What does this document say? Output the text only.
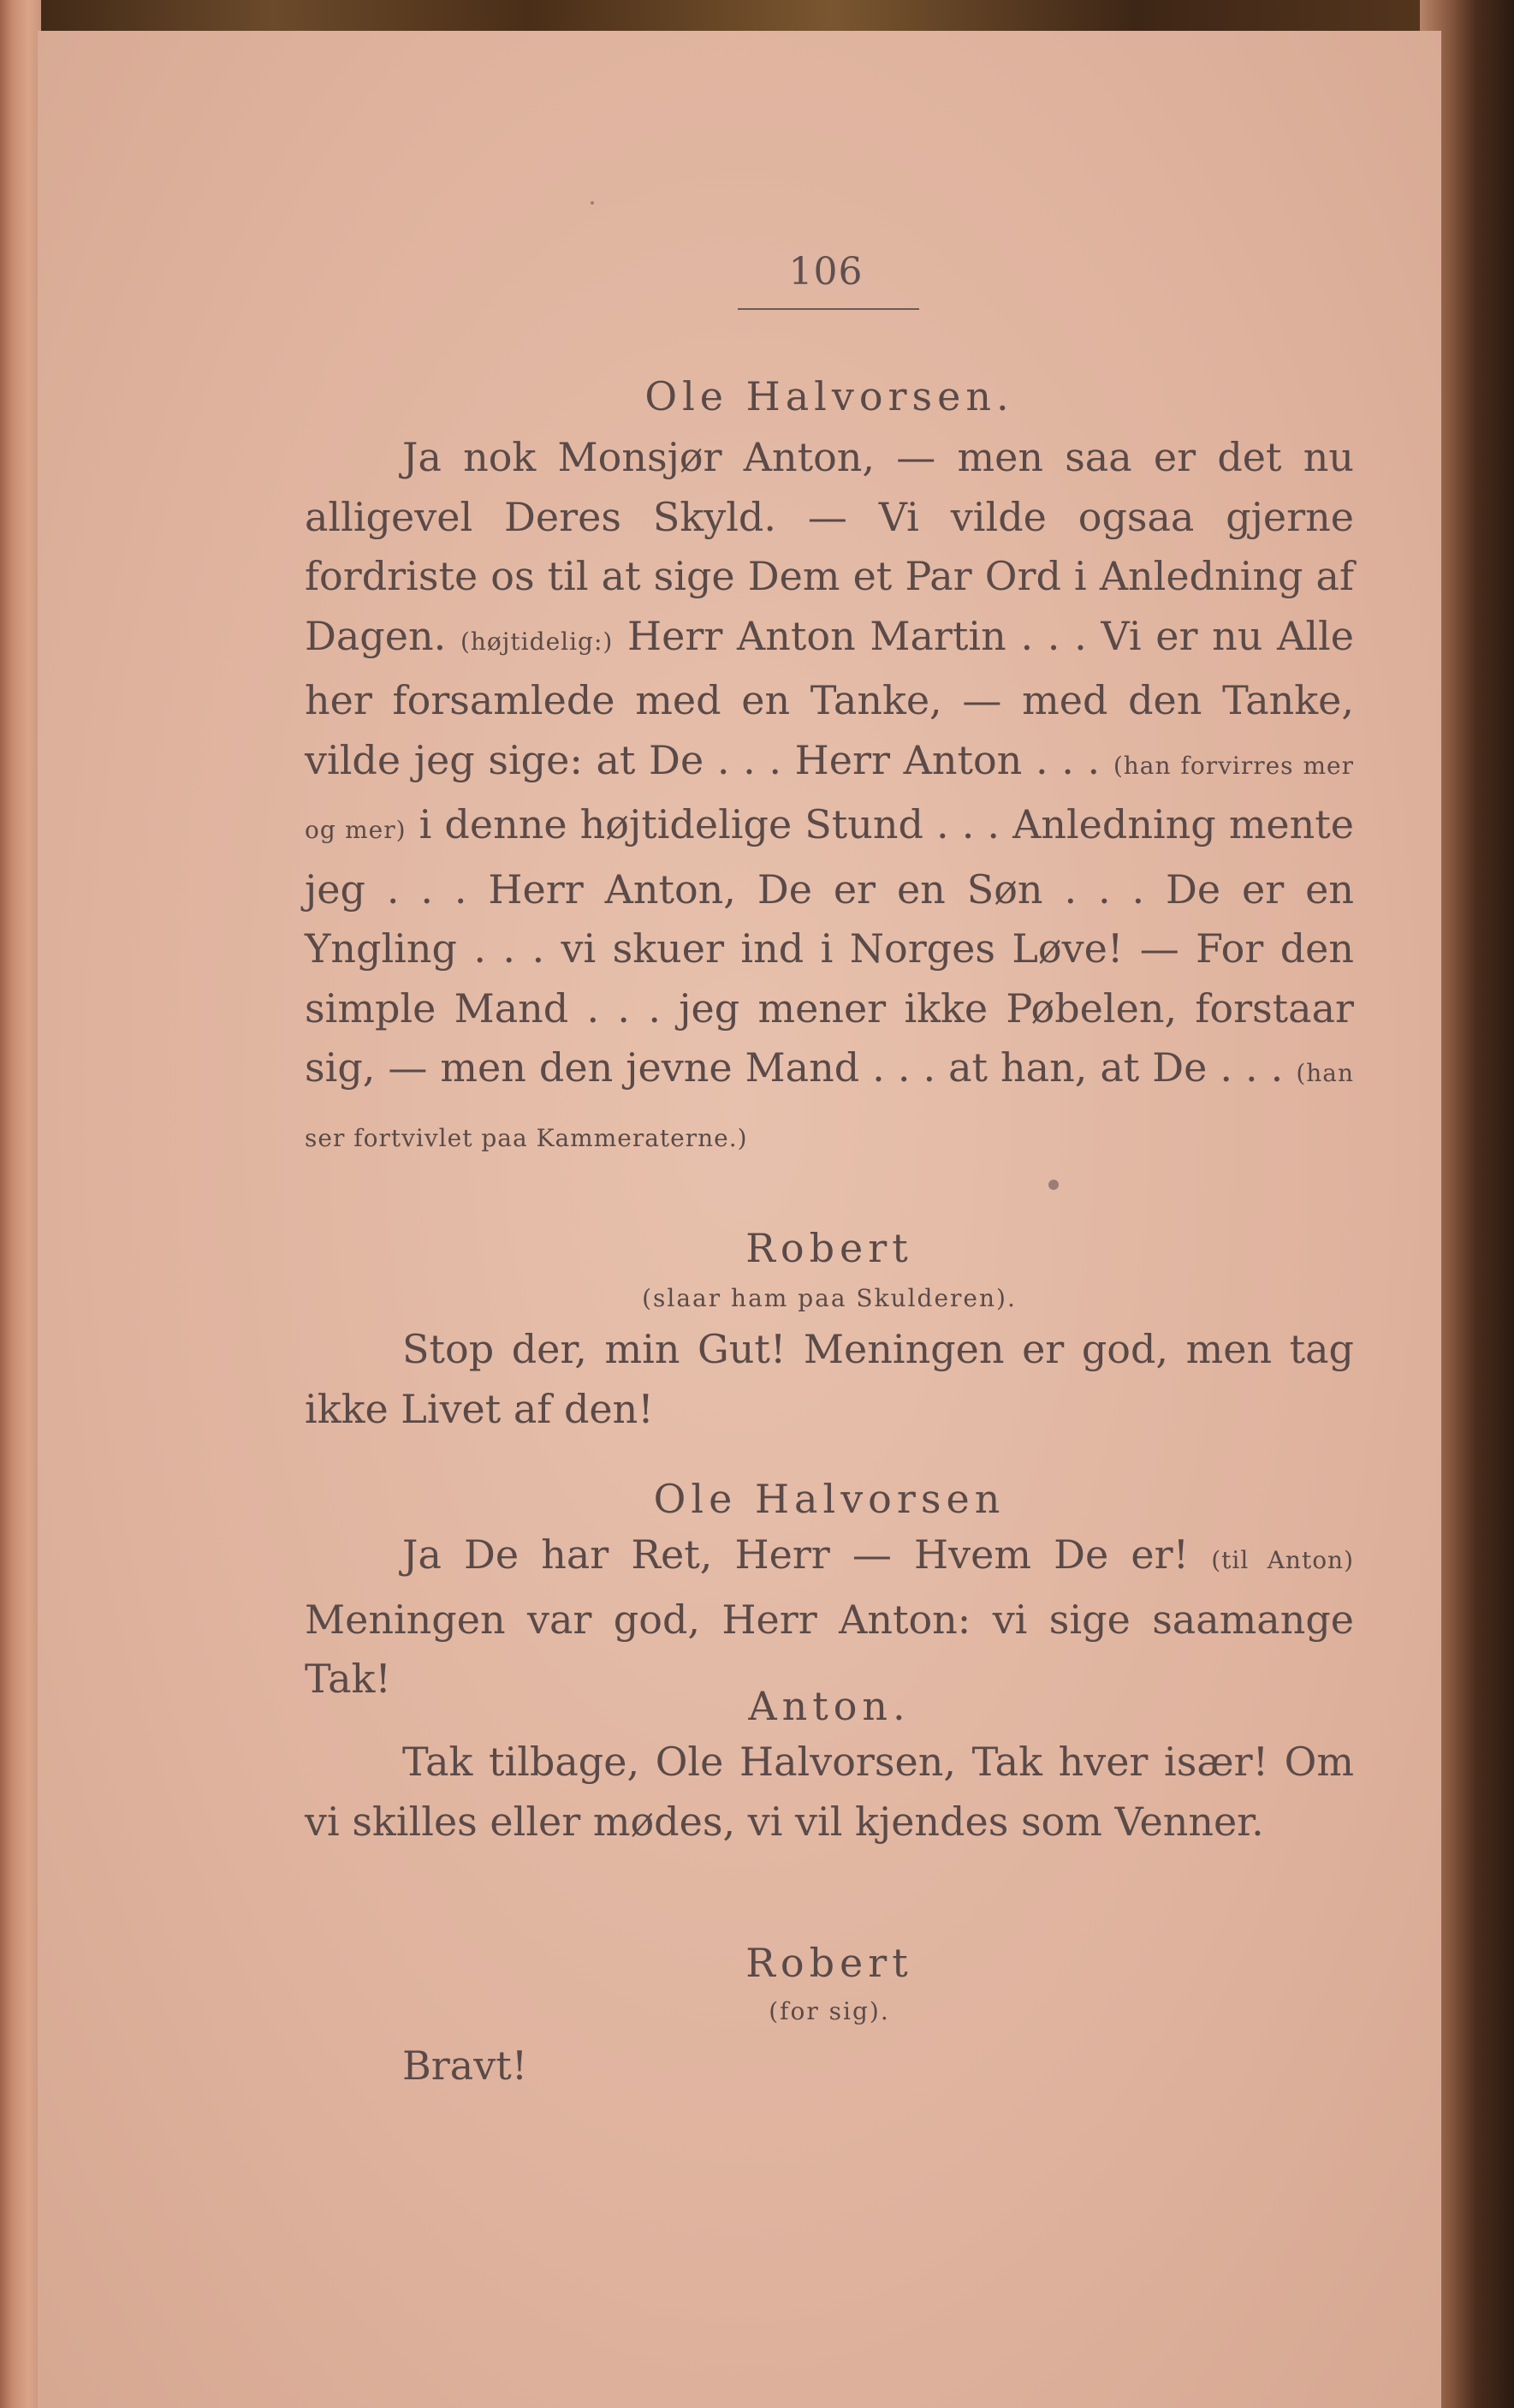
106
Ole Halvorsen.

Ja nok Monsjør Anton, — men saa er det nu alligevel Deres Skyld. — Vi vilde ogsaa gjerne fordriste os til at sige Dem et Par Ord i Anledning af Dagen. (højtidelig:) Herr Anton Martin . . . Vi er nu Alle her forsamlede med en Tanke, — med den Tanke, vilde jeg sige: at De . . . Herr Anton . . . (han forvirres mer og mer) i denne højtidelige Stund . . . Anledning mente jeg . . . Herr Anton, De er en Søn . . . De er en Yngling . . . vi skuer ind i Norges Løve! — For den simple Mand . . . jeg mener ikke Pøbelen, forstaar sig, — men den jevne Mand . . . at han, at De . . . (han ser fortvivlet paa Kammeraterne.)

Robert
(slaar ham paa Skulderen).

Stop der, min Gut! Meningen er god, men tag ikke Livet af den!

Ole Halvorsen

Ja De har Ret, Herr — Hvem De er! (til Anton) Meningen var god, Herr Anton: vi sige saamange Tak!

Anton.

Tak tilbage, Ole Halvorsen, Tak hver især! Om vi skilles eller mødes, vi vil kjendes som Venner.

Robert
(for sig).
Bravt!
